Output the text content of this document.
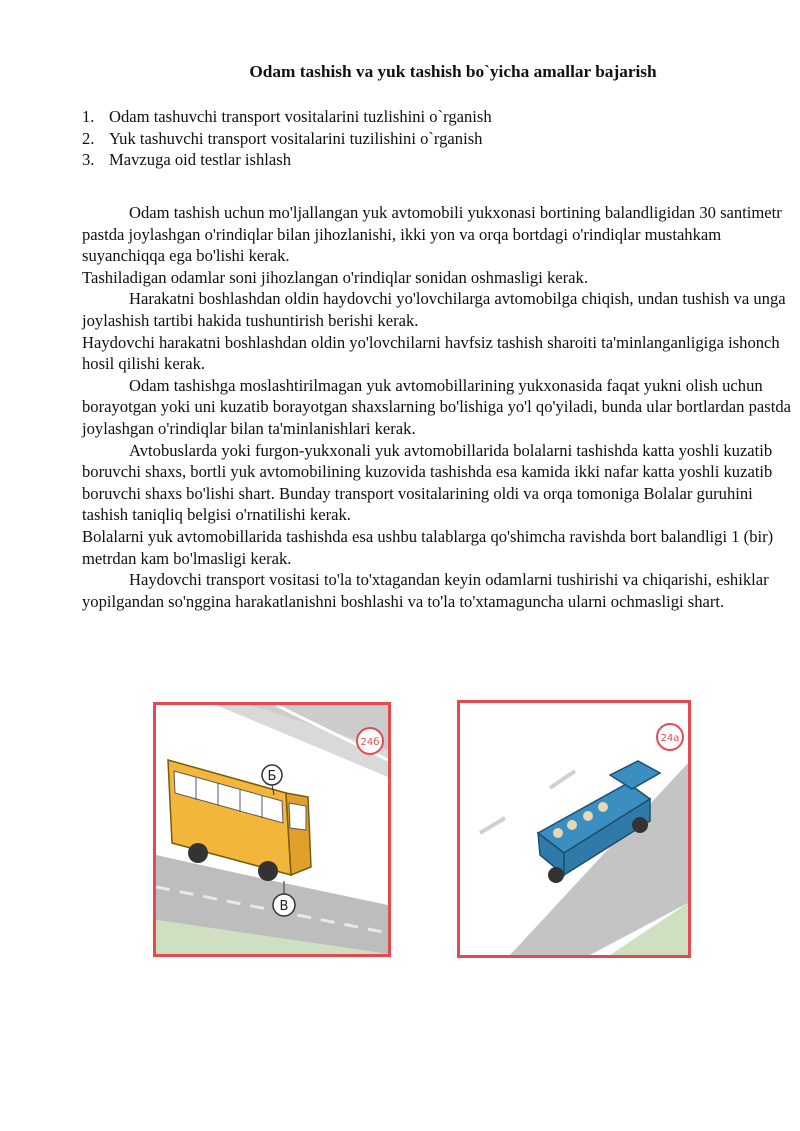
Odam tashish va yuk tashish bo`yicha amallar bajarish
1. Odam tashuvchi transport vositalarini tuzlishini o`rganish
2. Yuk tashuvchi transport vositalarini tuzilishini o`rganish
3. Mavzuga oid testlar ishlash

Odam tashish uchun mo'ljallangan yuk avtomobili yukxonasi bortining balandligidan 30 santimetr pastda joylashgan o'rindiqlar bilan jihozlanishi, ikki yon va orqa bortdagi o'rindiqlar mustahkam suyanchiqqa ega bo'lishi kerak.

Tashiladigan odamlar soni jihozlangan o'rindiqlar sonidan oshmasligi kerak.

Harakatni boshlashdan oldin haydovchi yo'lovchilarga avtomobilga chiqish, undan tushish va unga joylashish tartibi hakida tushuntirish berishi kerak.

Haydovchi harakatni boshlashdan oldin yo'lovchilarni havfsiz tashish sharoiti ta'minlanganligiga ishonch hosil qilishi kerak.

Odam tashishga moslashtirilmagan yuk avtomobillarining yukxonasida faqat yukni olish uchun borayotgan yoki uni kuzatib borayotgan shaxslarning bo'lishiga yo'l qo'yiladi, bunda ular bortlardan pastda joylashgan o'rindiqlar bilan ta'minlanishlari kerak.

Avtobuslarda yoki furgon-yukxonali yuk avtomobillarida bolalarni tashishda katta yoshli kuzatib boruvchi shaxs, bortli yuk avtomobilining kuzovida tashishda esa kamida ikki nafar katta yoshli kuzatib boruvchi shaxs bo'lishi shart. Bunday transport vositalarining oldi va orqa tomoniga Bolalar guruhini tashish taniqliq belgisi o'rnatilishi kerak.

Bolalarni yuk avtomobillarida tashishda esa ushbu talablarga qo'shimcha ravishda bort balandligi 1 (bir) metrdan kam bo'lmasligi kerak.

Haydovchi transport vositasi to'la to'xtagandan keyin odamlarni tushirishi va chiqarishi, eshiklar yopilgandan so'nggina harakatlanishni boshlashi va to'la to'xtamaguncha ularni ochmasligi shart.

24б
Б
В
24а
